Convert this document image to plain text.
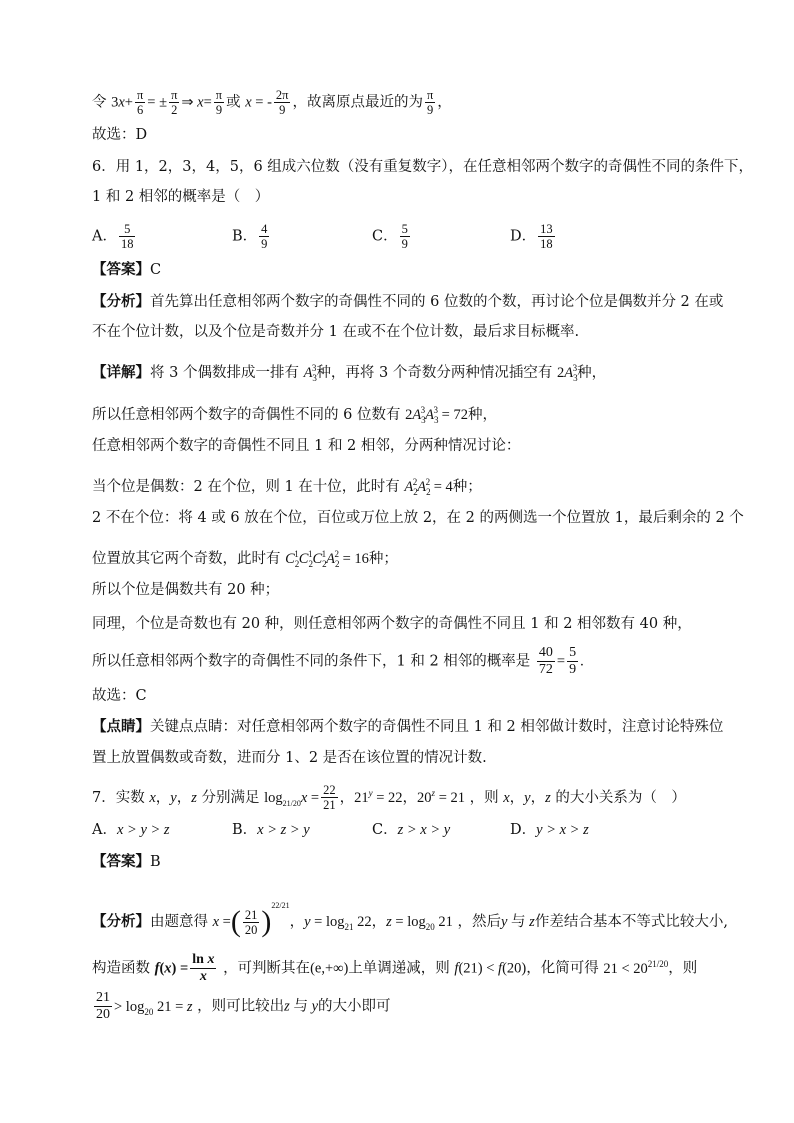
令 $3x+ \frac{\pi}{6}$ = ± $\frac{\pi}{2}$ ⇒ $x= \frac{\pi}{9}$ 或 x = - $\frac{2\pi}{9}$ ，故离原点最近的为 $\frac{\pi}{9}$ ，
故选：D
6．用 1，2，3，4，5，6 组成六位数（没有重复数字），在任意相邻两个数字的奇偶性不同的条件下，
1 和 2 相邻的概率是（　）
A． $\frac{5}{18}$	B． $\frac{4}{9}$	C． $\frac{5}{9}$	D． $\frac{13}{18}$
【答案】C
【分析】首先算出任意相邻两个数字的奇偶性不同的 6 位数的个数，再讨论个位是偶数并分 2 在或
不在个位计数，以及个位是奇数并分 1 在或不在个位计数，最后求目标概率.
【详解】将 3 个偶数排成一排有 $A_3^3$种，再将 3 个奇数分两种情况插空有 $2A_3^3$种，
所以任意相邻两个数字的奇偶性不同的 6 位数有 $2A_3^3A_3^3 = 72$种，
任意相邻两个数字的奇偶性不同且 1 和 2 相邻，分两种情况讨论：
当个位是偶数：2 在个位，则 1 在十位，此时有 $A_2^2A_2^2 = 4$种；
2 不在个位：将 4 或 6 放在个位，百位或万位上放 2，在 2 的两侧选一个位置放 1，最后剩余的 2 个
位置放其它两个奇数，此时有 $C_2^1C_2^1C_2^1A_2^2 = 16$种；
所以个位是偶数共有 20 种；
同理，个位是奇数也有 20 种，则任意相邻两个数字的奇偶性不同且 1 和 2 相邻数有 40 种，
所以任意相邻两个数字的奇偶性不同的条件下，1 和 2 相邻的概率是 $\frac{40}{72} = \frac{5}{9}$ .
故选：C
【点睛】关键点点睛：对任意相邻两个数字的奇偶性不同且 1 和 2 相邻做计数时，注意讨论特殊位
置上放置偶数或奇数，进而分 1、2 是否在该位置的情况计数.
7．实数 x，y，z 分别满足 $\log_{21/20}x = \frac{22}{21}$ ，$21^y = 22$，$20^z = 21$ ，则 x，y，z 的大小关系为（　）
A．x > y > z	B．x > z > y	C．z > x > y	D．y > x > z
【答案】B
【分析】由题意得 x =( $\frac{21}{20} )^{22/21}$，$y = \log_{21} 22$，$z = \log_{20} 21$ ，然后y 与 z作差结合基本不等式比较大小,
构造函数 $f(x) = \frac{\text{ln x}}{x}$ ，可判断其在(e,+∞)上单调递减，则 f(21) < f(20)，化简可得 $21 < 20^{21/20}$，则
$\frac{21}{20} > \log_{20} 21 = z$ ，则可比较出z 与 y的大小即可
